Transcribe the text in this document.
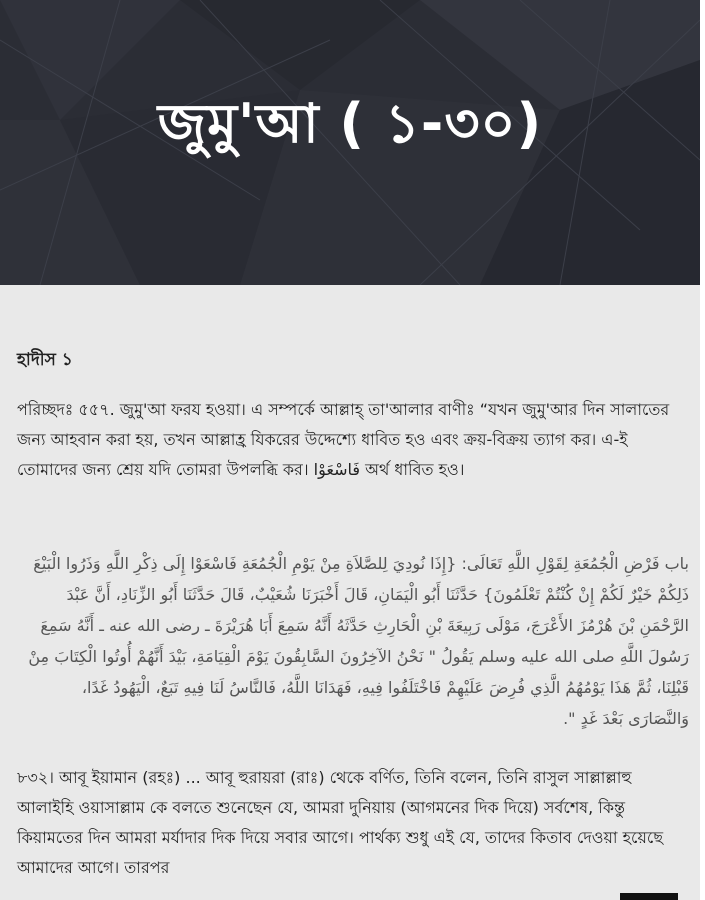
জুমু'আ ( ১-৩০)
হাদীস ১
পরিচ্ছদঃ ৫৫৭. জুমু'আ ফরয হওয়া। এ সম্পর্কে আল্লাহ্ তা'আলার বাণীঃ “যখন জুমু'আর দিন সালাতের জন্য আহবান করা হয়, তখন আল্লাহ্র যিকরের উদ্দেশ্যে ধাবিত হও এবং ক্রয়-বিক্রয় ত্যাগ কর। এ-ই তোমাদের জন্য শ্রেয় যদি তোমরা উপলব্ধি কর। فَاسْعَوْا অর্থ ধাবিত হও।
باب فَرْضِ الْجُمُعَةِ لِقَوْلِ اللَّهِ تَعَالَى: {إِذَا نُودِيَ لِلصَّلاَةِ مِنْ يَوْمِ الْجُمُعَةِ فَاسْعَوْا إِلَى ذِكْرِ اللَّهِ وَذَرُوا الْبَيْعَ ذَلِكُمْ خَيْرٌ لَكُمْ إِنْ كُنْتُمْ تَعْلَمُونَ} حَدَّثَنَا أَبُو الْيَمَانِ، قَالَ أَخْبَرَنَا شُعَيْبٌ، قَالَ حَدَّثَنَا أَبُو الزِّنَادِ، أَنَّ عَبْدَ الرَّحْمَنِ بْنَ هُرْمُزَ الأَعْرَجَ، مَوْلَى رَبِيعَةَ بْنِ الْحَارِثِ حَدَّثَهُ أَنَّهُ سَمِعَ أَبَا هُرَيْرَةَ ـ رضى الله عنه ـ أَنَّهُ سَمِعَ رَسُولَ اللَّهِ صلى الله عليه وسلم يَقُولُ " نَحْنُ الآخِرُونَ السَّابِقُونَ يَوْمَ الْقِيَامَةِ، بَيْدَ أَنَّهُمْ أُوتُوا الْكِتَابَ مِنْ قَبْلِنَا، ثُمَّ هَذَا يَوْمُهُمُ الَّذِي فُرِضَ عَلَيْهِمْ فَاخْتَلَفُوا فِيهِ، فَهَدَانَا اللَّهُ، فَالنَّاسُ لَنَا فِيهِ تَبَعٌ، الْيَهُودُ غَدًا، وَالنَّصَارَى بَعْدَ غَدٍ ".
৮৩২। আবূ ইয়ামান (রহঃ) ... আবূ হুরায়রা (রাঃ) থেকে বর্ণিত, তিনি বলেন, তিনি রাসুল সাল্লাল্লাহু আলাইহি ওয়াসাল্লাম কে বলতে শুনেছেন যে, আমরা দুনিয়ায় (আগমনের দিক দিয়ে) সর্বশেষ, কিন্তু কিয়ামতের দিন আমরা মর্যাদার দিক দিয়ে সবার আগে। পার্থক্য শুধু এই যে, তাদের কিতাব দেওয়া হয়েছে আমাদের আগে। তারপর
